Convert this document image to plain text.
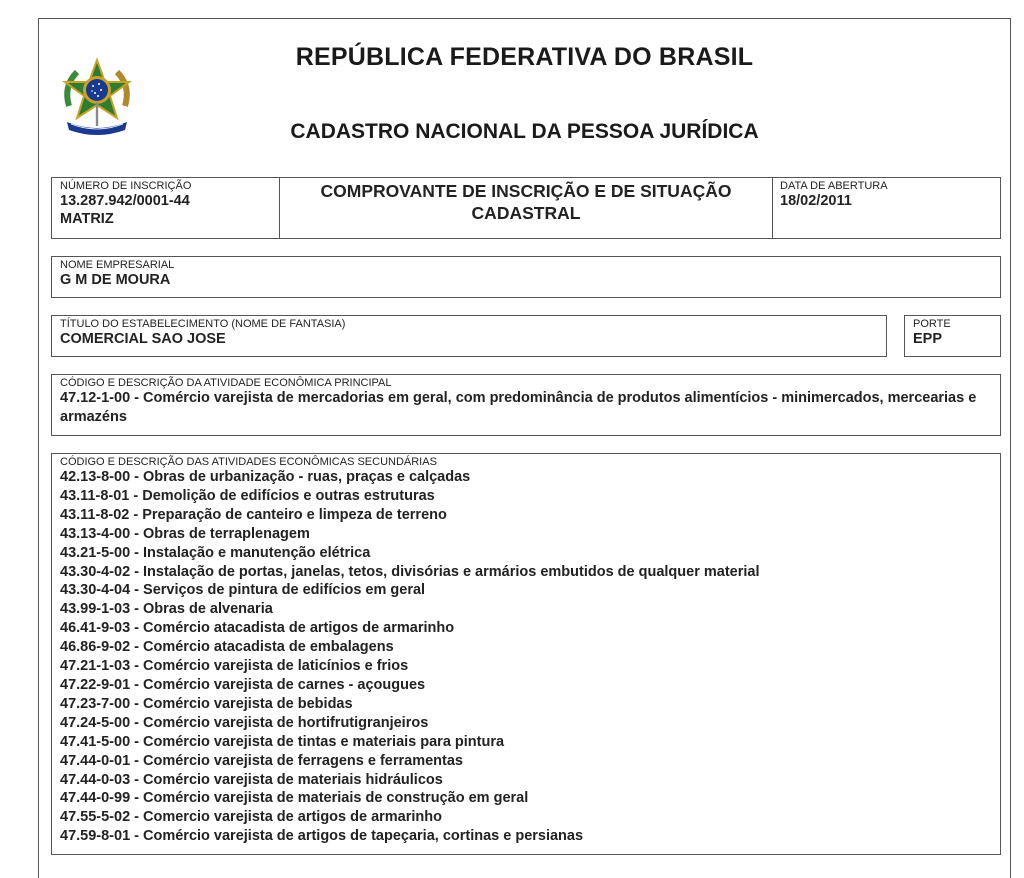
REPÚBLICA FEDERATIVA DO BRASIL
CADASTRO NACIONAL DA PESSOA JURÍDICA
NÚMERO DE INSCRIÇÃO
13.287.942/0001-44
MATRIZ
COMPROVANTE DE INSCRIÇÃO E DE SITUAÇÃO CADASTRAL
DATA DE ABERTURA
18/02/2011
NOME EMPRESARIAL
G M DE MOURA
TÍTULO DO ESTABELECIMENTO (NOME DE FANTASIA)
COMERCIAL SAO JOSE
PORTE
EPP
CÓDIGO E DESCRIÇÃO DA ATIVIDADE ECONÔMICA PRINCIPAL
47.12-1-00 - Comércio varejista de mercadorias em geral, com predominância de produtos alimentícios - minimercados, mercearias e armazéns
CÓDIGO E DESCRIÇÃO DAS ATIVIDADES ECONÔMICAS SECUNDÁRIAS
42.13-8-00 - Obras de urbanização - ruas, praças e calçadas
43.11-8-01 - Demolição de edifícios e outras estruturas
43.11-8-02 - Preparação de canteiro e limpeza de terreno
43.13-4-00 - Obras de terraplenagem
43.21-5-00 - Instalação e manutenção elétrica
43.30-4-02 - Instalação de portas, janelas, tetos, divisórias e armários embutidos de qualquer material
43.30-4-04 - Serviços de pintura de edifícios em geral
43.99-1-03 - Obras de alvenaria
46.41-9-03 - Comércio atacadista de artigos de armarinho
46.86-9-02 - Comércio atacadista de embalagens
47.21-1-03 - Comércio varejista de laticínios e frios
47.22-9-01 - Comércio varejista de carnes - açougues
47.23-7-00 - Comércio varejista de bebidas
47.24-5-00 - Comércio varejista de hortifrutigranjeiros
47.41-5-00 - Comércio varejista de tintas e materiais para pintura
47.44-0-01 - Comércio varejista de ferragens e ferramentas
47.44-0-03 - Comércio varejista de materiais hidráulicos
47.44-0-99 - Comércio varejista de materiais de construção em geral
47.55-5-02 - Comercio varejista de artigos de armarinho
47.59-8-01 - Comércio varejista de artigos de tapeçaria, cortinas e persianas
